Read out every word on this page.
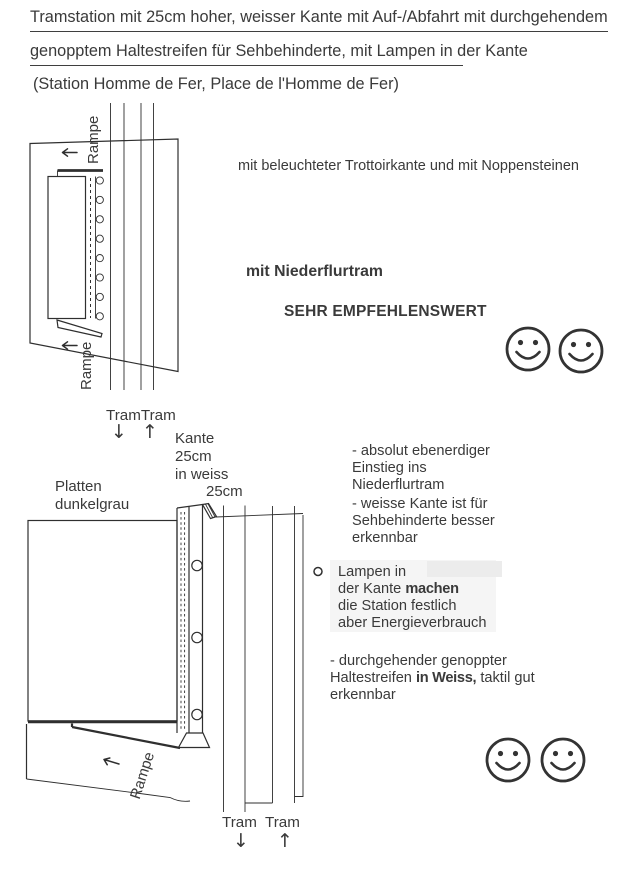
Tramstation mit 25cm hoher, weisser Kante mit Auf-/Abfahrt mit durchgehendem
genopptem Haltestreifen für Sehbehinderte, mit Lampen in der Kante
(Station Homme de Fer, Place de l'Homme de Fer)
mit beleuchteter Trottoirkante und mit Noppensteinen
mit Niederflurtram
SEHR EMPFEHLENSWERT
Rampe
Rampe
Rampe
TramTram
↓ ↑ Kante
25cm
in weiss
25cm
Platten
dunkelgrau
Tram Tram
↓ ↑
- absolut ebenerdiger
Einstieg ins
Niederflurtram
- weisse Kante ist für
Sehbehinderte besser
erkennbar
Lampen in
der Kante machen
die Station festlich
aber Energieverbrauch
- durchgehender genoppter
Haltestreifen in Weiss, taktil gut
erkennbar
